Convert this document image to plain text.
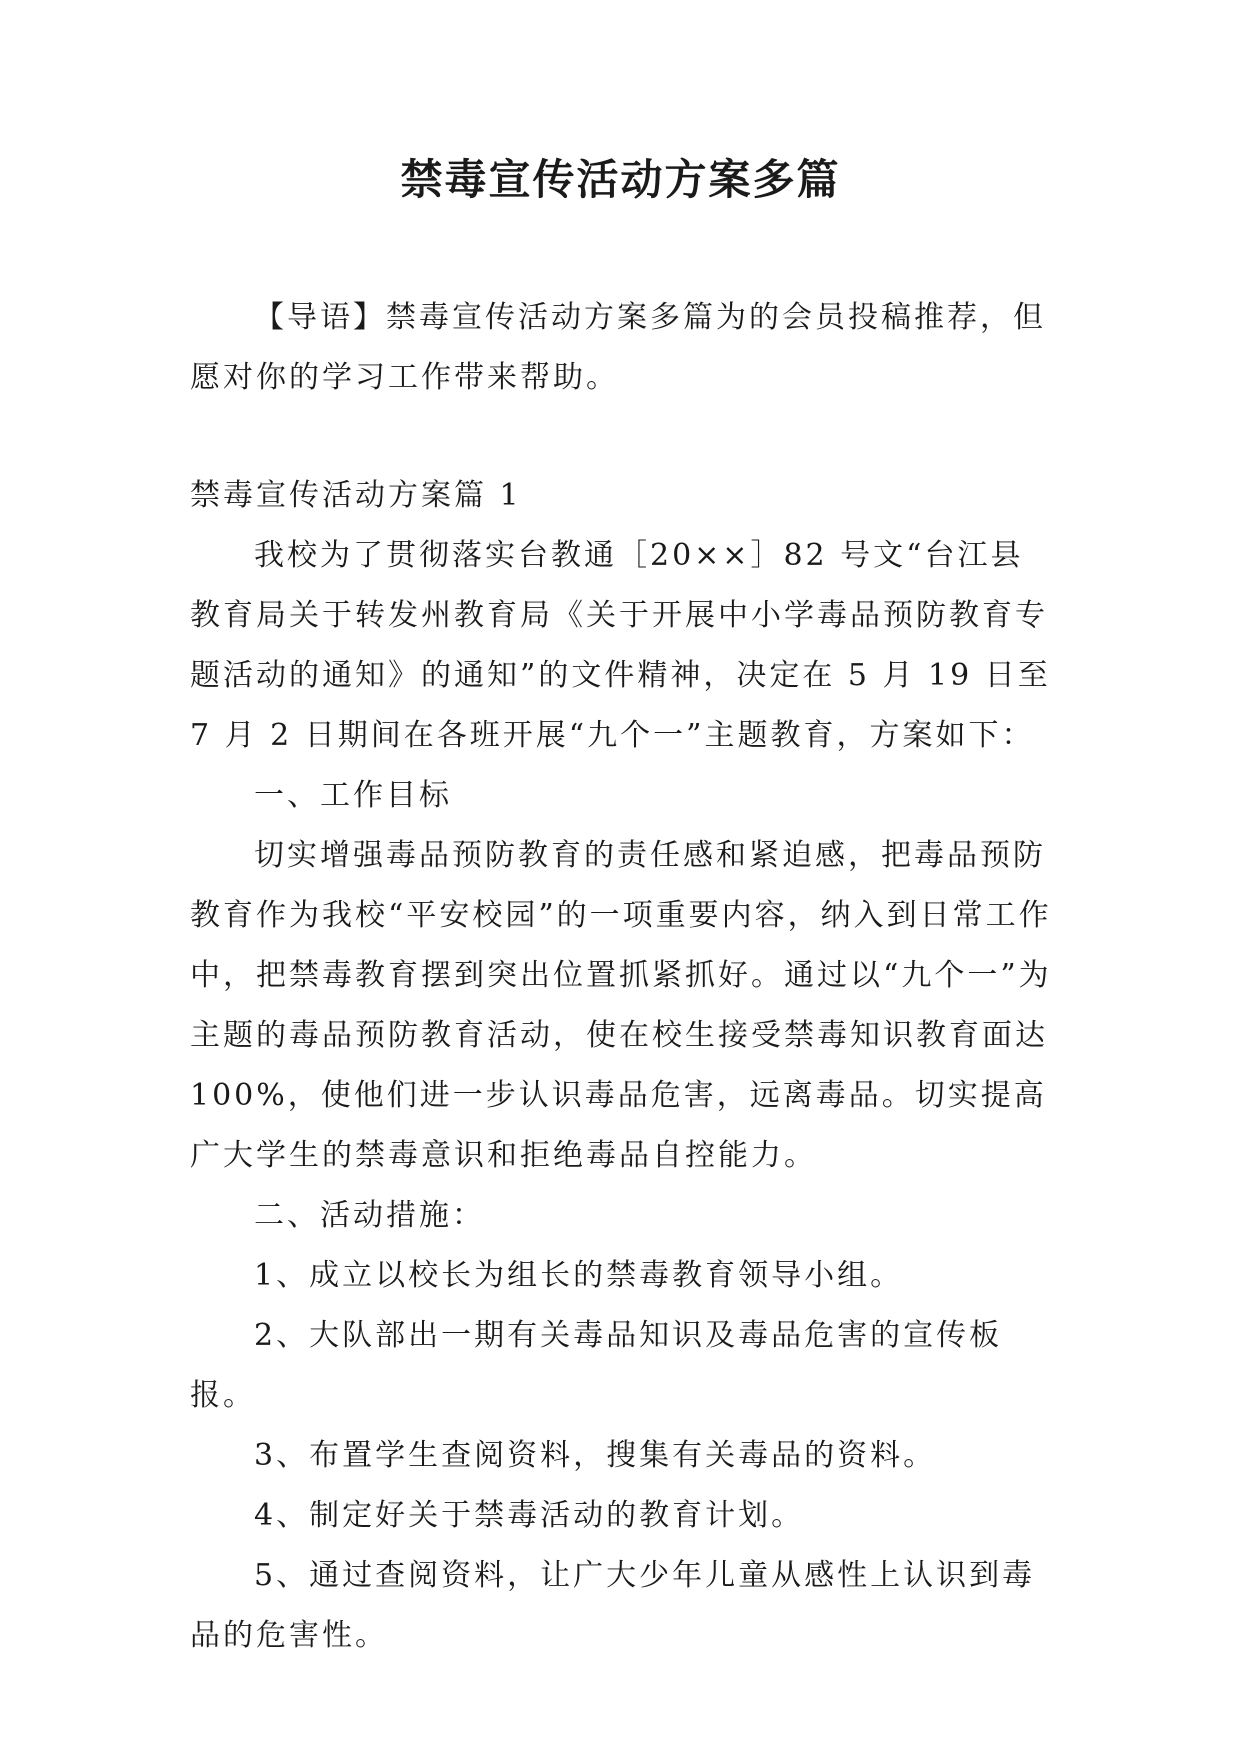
禁毒宣传活动方案多篇

【导语】禁毒宣传活动方案多篇为的会员投稿推荐，但愿对你的学习工作带来帮助。

禁毒宣传活动方案篇 1

我校为了贯彻落实台教通［20××］82 号文“台江县教育局关于转发州教育局《关于开展中小学毒品预防教育专题活动的通知》的通知”的文件精神，决定在 5 月 19 日至 7 月 2 日期间在各班开展“九个一”主题教育，方案如下：

一、工作目标

切实增强毒品预防教育的责任感和紧迫感，把毒品预防教育作为我校“平安校园”的一项重要内容，纳入到日常工作中，把禁毒教育摆到突出位置抓紧抓好。通过以“九个一”为主题的毒品预防教育活动，使在校生接受禁毒知识教育面达 100%，使他们进一步认识毒品危害，远离毒品。切实提高广大学生的禁毒意识和拒绝毒品自控能力。

二、活动措施：

1、成立以校长为组长的禁毒教育领导小组。

2、大队部出一期有关毒品知识及毒品危害的宣传板报。

3、布置学生查阅资料，搜集有关毒品的资料。

4、制定好关于禁毒活动的教育计划。

5、通过查阅资料，让广大少年儿童从感性上认识到毒品的危害性。
